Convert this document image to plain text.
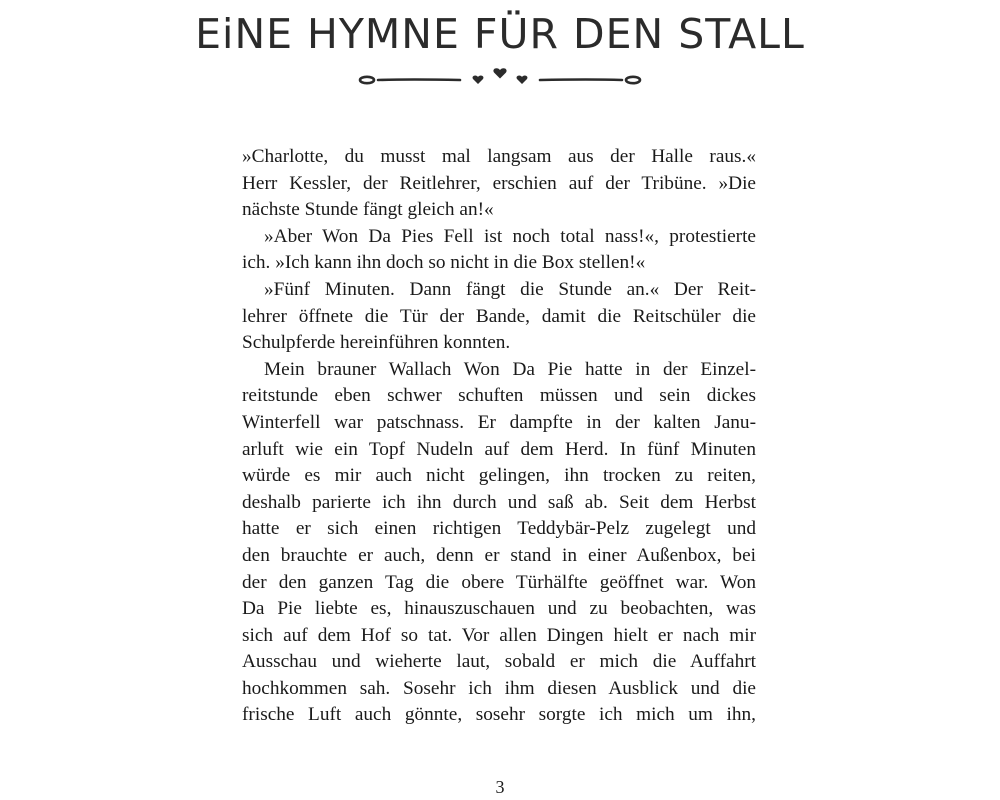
EiNE HYMNE FÜR DEN STALL
»Charlotte, du musst mal langsam aus der Halle raus.«
Herr Kessler, der Reitlehrer, erschien auf der Tribüne. »Die
nächste Stunde fängt gleich an!«
»Aber Won Da Pies Fell ist noch total nass!«, protestierte
ich. »Ich kann ihn doch so nicht in die Box stellen!«
»Fünf Minuten. Dann fängt die Stunde an.« Der Reit-
lehrer öffnete die Tür der Bande, damit die Reitschüler die
Schulpferde hereinführen konnten.
Mein brauner Wallach Won Da Pie hatte in der Einzel-
reitstunde eben schwer schuften müssen und sein dickes
Winterfell war patschnass. Er dampfte in der kalten Janu-
arluft wie ein Topf Nudeln auf dem Herd. In fünf Minuten
würde es mir auch nicht gelingen, ihn trocken zu reiten,
deshalb parierte ich ihn durch und saß ab. Seit dem Herbst
hatte er sich einen richtigen Teddybär-Pelz zugelegt und
den brauchte er auch, denn er stand in einer Außenbox, bei
der den ganzen Tag die obere Türhälfte geöffnet war. Won
Da Pie liebte es, hinauszuschauen und zu beobachten, was
sich auf dem Hof so tat. Vor allen Dingen hielt er nach mir
Ausschau und wieherte laut, sobald er mich die Auffahrt
hochkommen sah. Sosehr ich ihm diesen Ausblick und die
frische Luft auch gönnte, sosehr sorgte ich mich um ihn,
3
